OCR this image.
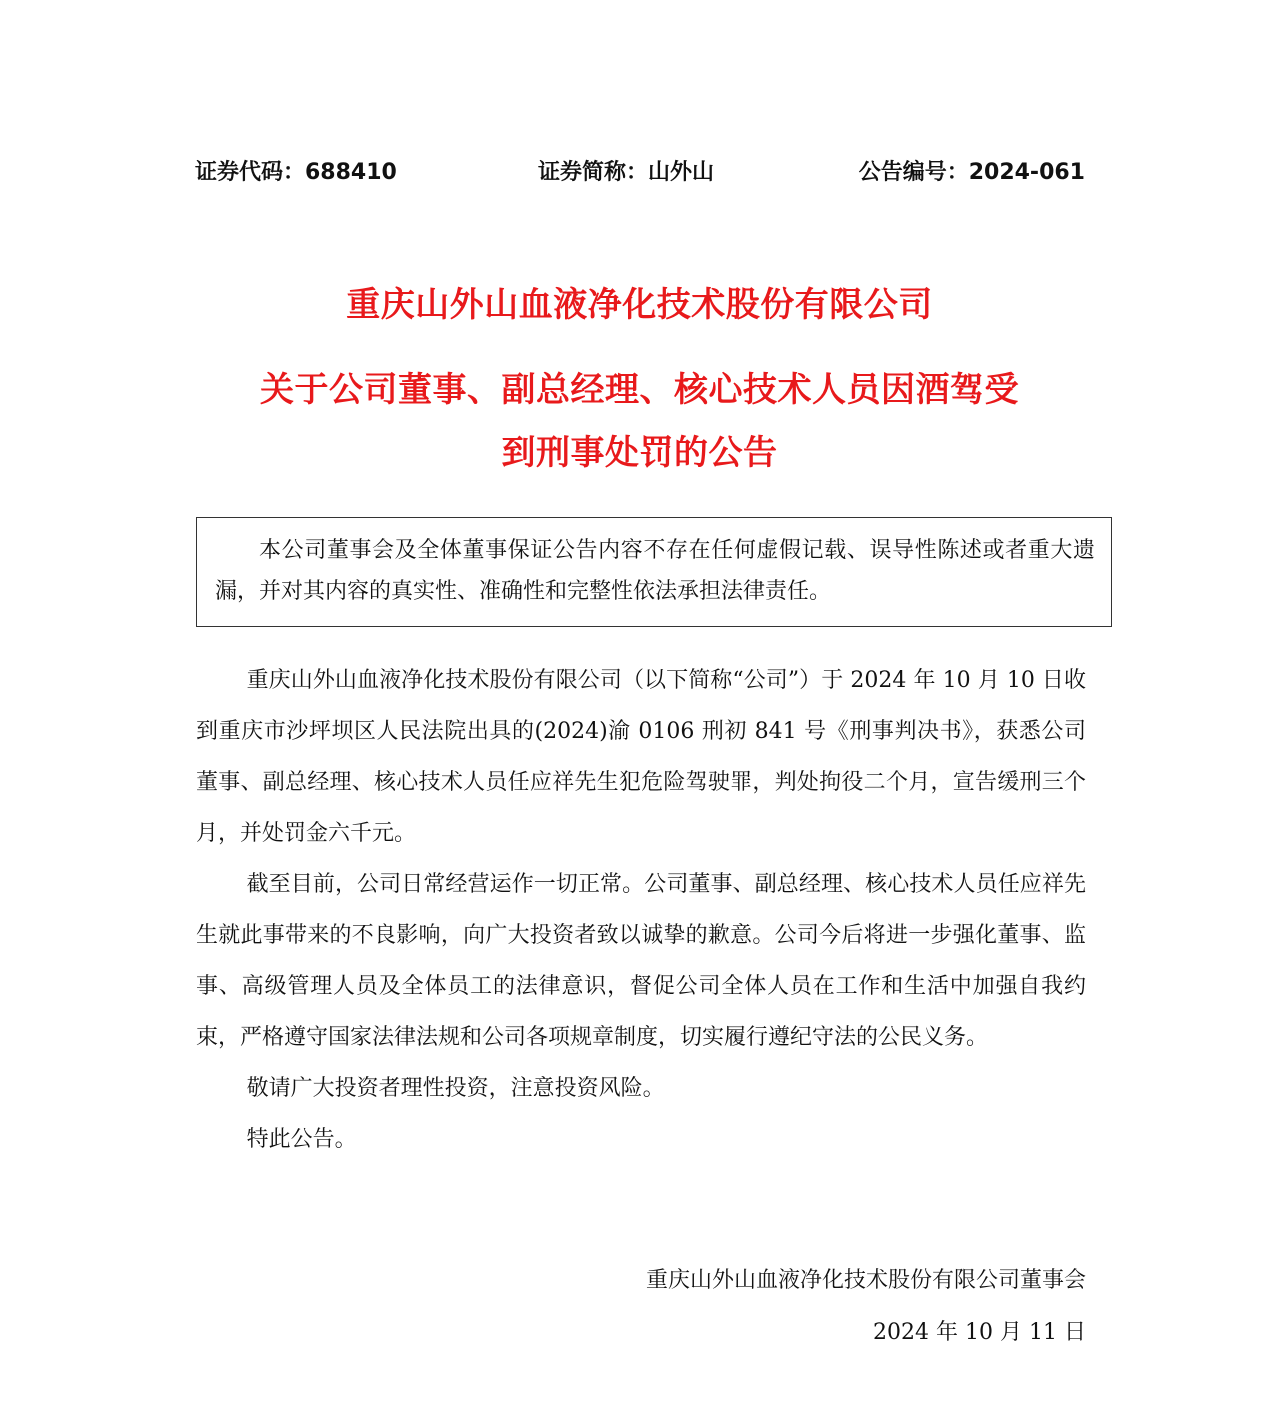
证券代码：688410	证券简称：山外山	公告编号：2024-061
重庆山外山血液净化技术股份有限公司
关于公司董事、副总经理、核心技术人员因酒驾受
到刑事处罚的公告

本公司董事会及全体董事保证公告内容不存在任何虚假记载、误导性陈述或者重大遗漏，并对其内容的真实性、准确性和完整性依法承担法律责任。

重庆山外山血液净化技术股份有限公司（以下简称“公司”）于 2024 年 10 月 10 日收到重庆市沙坪坝区人民法院出具的(2024)渝 0106 刑初 841 号《刑事判决书》，获悉公司董事、副总经理、核心技术人员任应祥先生犯危险驾驶罪，判处拘役二个月，宣告缓刑三个月，并处罚金六千元。

截至目前，公司日常经营运作一切正常。公司董事、副总经理、核心技术人员任应祥先生就此事带来的不良影响，向广大投资者致以诚挚的歉意。公司今后将进一步强化董事、监事、高级管理人员及全体员工的法律意识，督促公司全体人员在工作和生活中加强自我约束，严格遵守国家法律法规和公司各项规章制度，切实履行遵纪守法的公民义务。

敬请广大投资者理性投资，注意投资风险。

特此公告。

重庆山外山血液净化技术股份有限公司董事会
2024 年 10 月 11 日
